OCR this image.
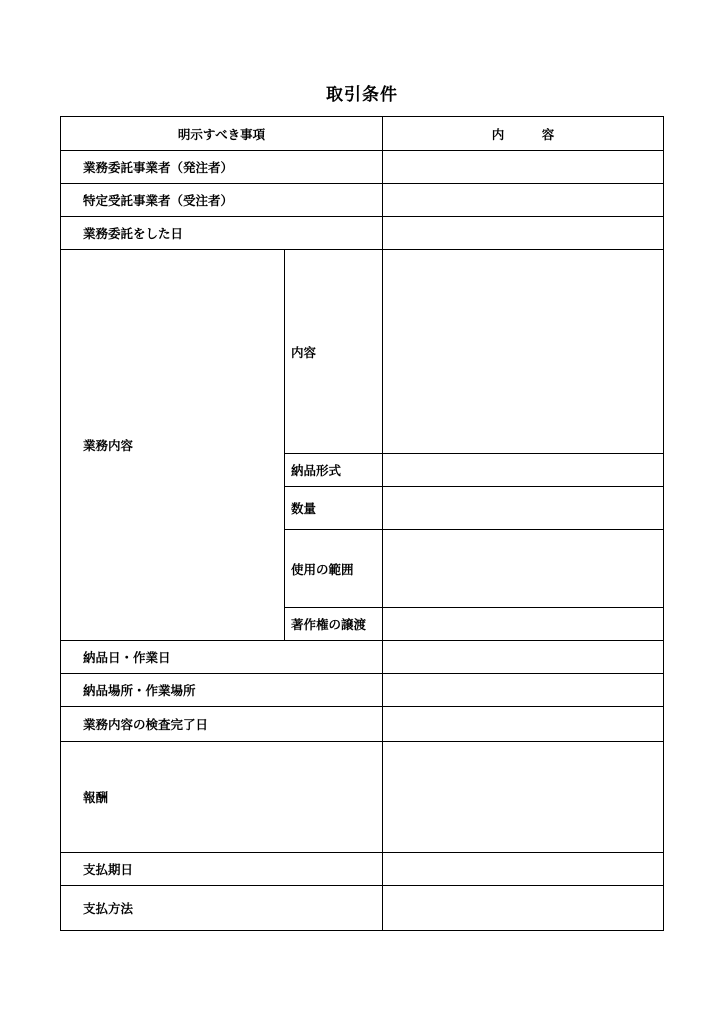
取引条件
明示すべき事項		内　　　容
業務委託事業者（発注者）		
特定受託事業者（受注者）		
業務委託をした日		
業務内容	内容	
	納品形式	
	数量	
	使用の範囲	
	著作権の譲渡	
納品日・作業日		
納品場所・作業場所		
業務内容の検査完了日		
報酬		
支払期日		
支払方法		
